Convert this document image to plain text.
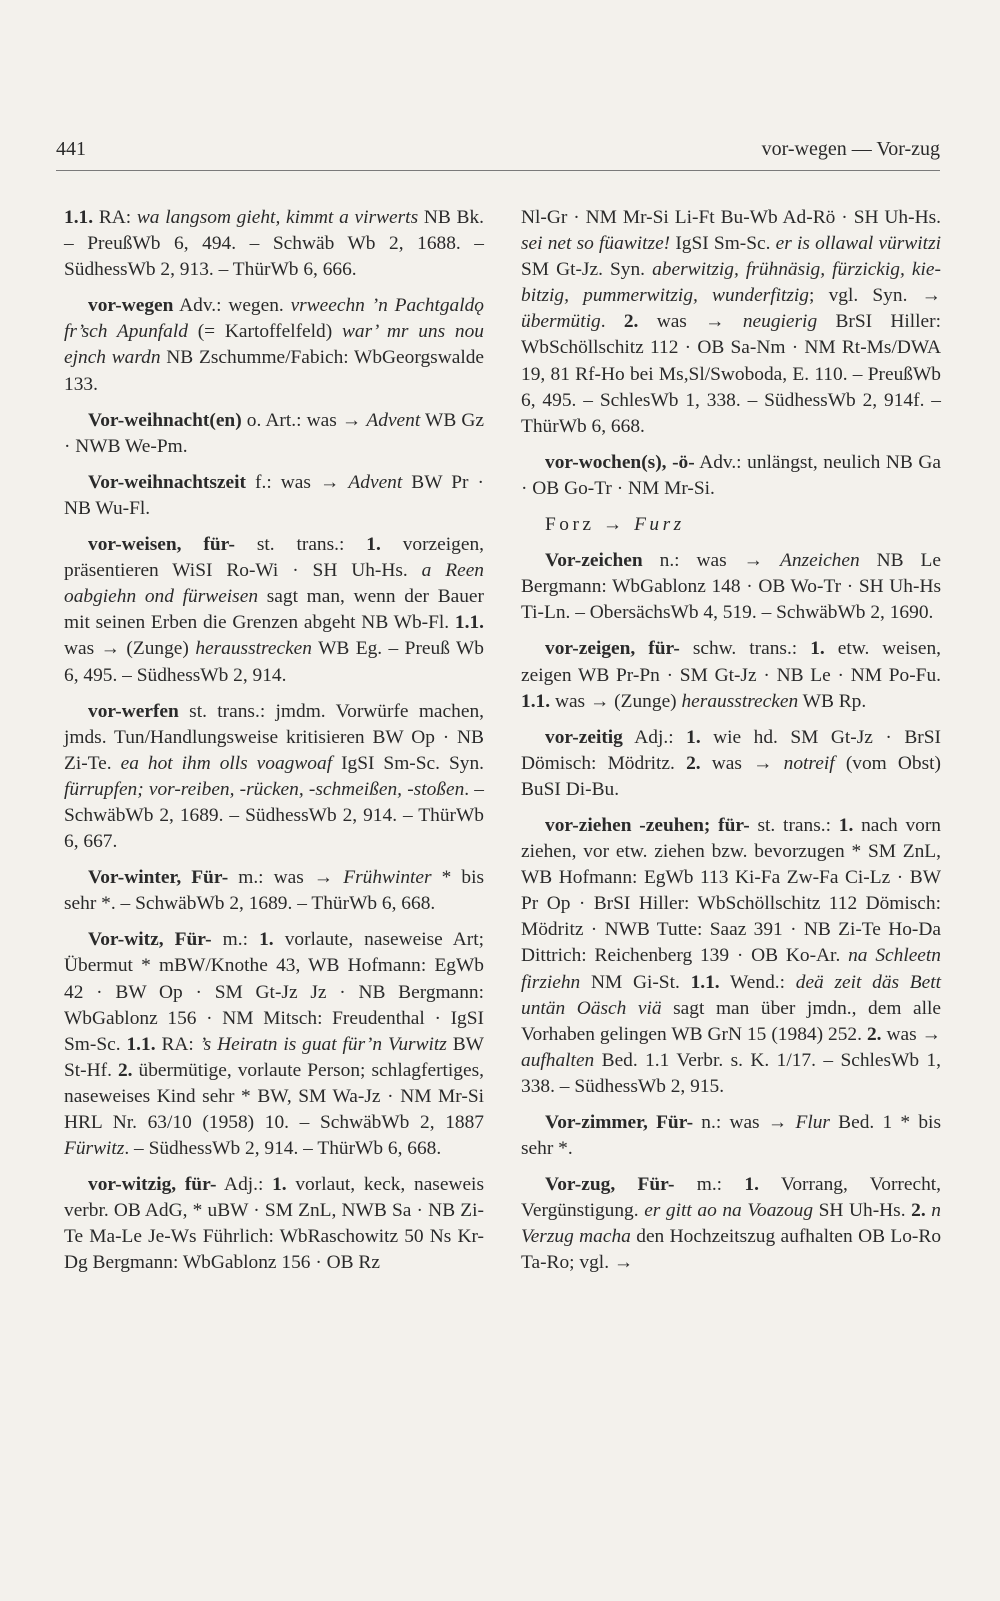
441	vor-wegen — Vor-zug

1.1. RA: wa langsom gieht, kimmt a virwerts NB Bk. – PreußWb 6, 494. – Schwäb Wb 2, 1688. – SüdhessWb 2, 913. – ThürWb 6, 666.

vor-wegen Adv.: wegen. vrweechn ’n Pachtgaldǫ fr’sch Apunfald (= Kartoffelfeld) war’ mr uns nou ejnch wardn NB Zschumme/Fabich: WbGeorgswalde 133.

Vor-weihnacht(en) o. Art.: was → Advent WB Gz · NWB We-Pm.

Vor-weihnachtszeit f.: was → Advent BW Pr · NB Wu-Fl.

vor-weisen, für- st. trans.: 1. vorzeigen, präsentieren WiSI Ro-Wi · SH Uh-Hs. a Reen oabgiehn ond fürweisen sagt man, wenn der Bauer mit seinen Erben die Grenzen abgeht NB Wb-Fl. 1.1. was → (Zunge) herausstrecken WB Eg. – Preuß Wb 6, 495. – SüdhessWb 2, 914.

vor-werfen st. trans.: jmdm. Vorwürfe machen, jmds. Tun/Handlungsweise kritisieren BW Op · NB Zi-Te. ea hot ihm olls voagwoaf IgSI Sm-Sc. Syn. fürrupfen; vor-reiben, -rücken, -schmeißen, -stoßen. – SchwäbWb 2, 1689. – SüdhessWb 2, 914. – ThürWb 6, 667.

Vor-winter, Für- m.: was → Frühwinter * bis sehr *. – SchwäbWb 2, 1689. – ThürWb 6, 668.

Vor-witz, Für- m.: 1. vorlaute, naseweise Art; Übermut * mBW/Knothe 43, WB Hofmann: EgWb 42 · BW Op · SM Gt-Jz Jz · NB Bergmann: WbGablonz 156 · NM Mitsch: Freudenthal · IgSI Sm-Sc. 1.1. RA: ’s Heiratn is guat für’n Vurwitz BW St-Hf. 2. übermütige, vorlaute Person; schlagfertiges, naseweises Kind sehr * BW, SM Wa-Jz · NM Mr-Si HRL Nr. 63/10 (1958) 10. – SchwäbWb 2, 1887 Fürwitz. – SüdhessWb 2, 914. – ThürWb 6, 668.

vor-witzig, für- Adj.: 1. vorlaut, keck, naseweis verbr. OB AdG, * uBW · SM ZnL, NWB Sa · NB Zi-Te Ma-Le Je-Ws Führlich: WbRaschowitz 50 Ns Kr-Dg Bergmann: WbGablonz 156 · OB Rz

Nl-Gr · NM Mr-Si Li-Ft Bu-Wb Ad-Rö · SH Uh-Hs. sei net so füawitze! IgSI Sm-Sc. er is ollawal vürwitzi SM Gt-Jz. Syn. aberwitzig, frühnäsig, fürzickig, kiebitzig, pummerwitzig, wunderfitzig; vgl. Syn. → übermütig. 2. was → neugierig BrSI Hiller: WbSchöllschitz 112 · OB Sa-Nm · NM Rt-Ms/DWA 19, 81 Rf-Ho bei Ms,Sl/Swoboda, E. 110. – PreußWb 6, 495. – SchlesWb 1, 338. – SüdhessWb 2, 914f. – ThürWb 6, 668.

vor-wochen(s), -ö- Adv.: unlängst, neulich NB Ga · OB Go-Tr · NM Mr-Si.

Forz → Furz

Vor-zeichen n.: was → Anzeichen NB Le Bergmann: WbGablonz 148 · OB Wo-Tr · SH Uh-Hs Ti-Ln. – ObersächsWb 4, 519. – SchwäbWb 2, 1690.

vor-zeigen, für- schw. trans.: 1. etw. weisen, zeigen WB Pr-Pn · SM Gt-Jz · NB Le · NM Po-Fu. 1.1. was → (Zunge) herausstrecken WB Rp.

vor-zeitig Adj.: 1. wie hd. SM Gt-Jz · BrSI Dömisch: Mödritz. 2. was → notreif (vom Obst) BuSI Di-Bu.

vor-ziehen -zeuhen; für- st. trans.: 1. nach vorn ziehen, vor etw. ziehen bzw. bevorzugen * SM ZnL, WB Hofmann: EgWb 113 Ki-Fa Zw-Fa Ci-Lz · BW Pr Op · BrSI Hiller: WbSchöllschitz 112 Dömisch: Mödritz · NWB Tutte: Saaz 391 · NB Zi-Te Ho-Da Dittrich: Reichenberg 139 · OB Ko-Ar. na Schleetn firziehn NM Gi-St. 1.1. Wend.: deä zeit däs Bett untän Oäsch viä sagt man über jmdn., dem alle Vorhaben gelingen WB GrN 15 (1984) 252. 2. was → aufhalten Bed. 1.1 Verbr. s. K. 1/17. – SchlesWb 1, 338. – SüdhessWb 2, 915.

Vor-zimmer, Für- n.: was → Flur Bed. 1 * bis sehr *.

Vor-zug, Für- m.: 1. Vorrang, Vorrecht, Vergünstigung. er gitt ao na Voazoug SH Uh-Hs. 2. n Verzug macha den Hochzeitszug aufhalten OB Lo-Ro Ta-Ro; vgl. →
